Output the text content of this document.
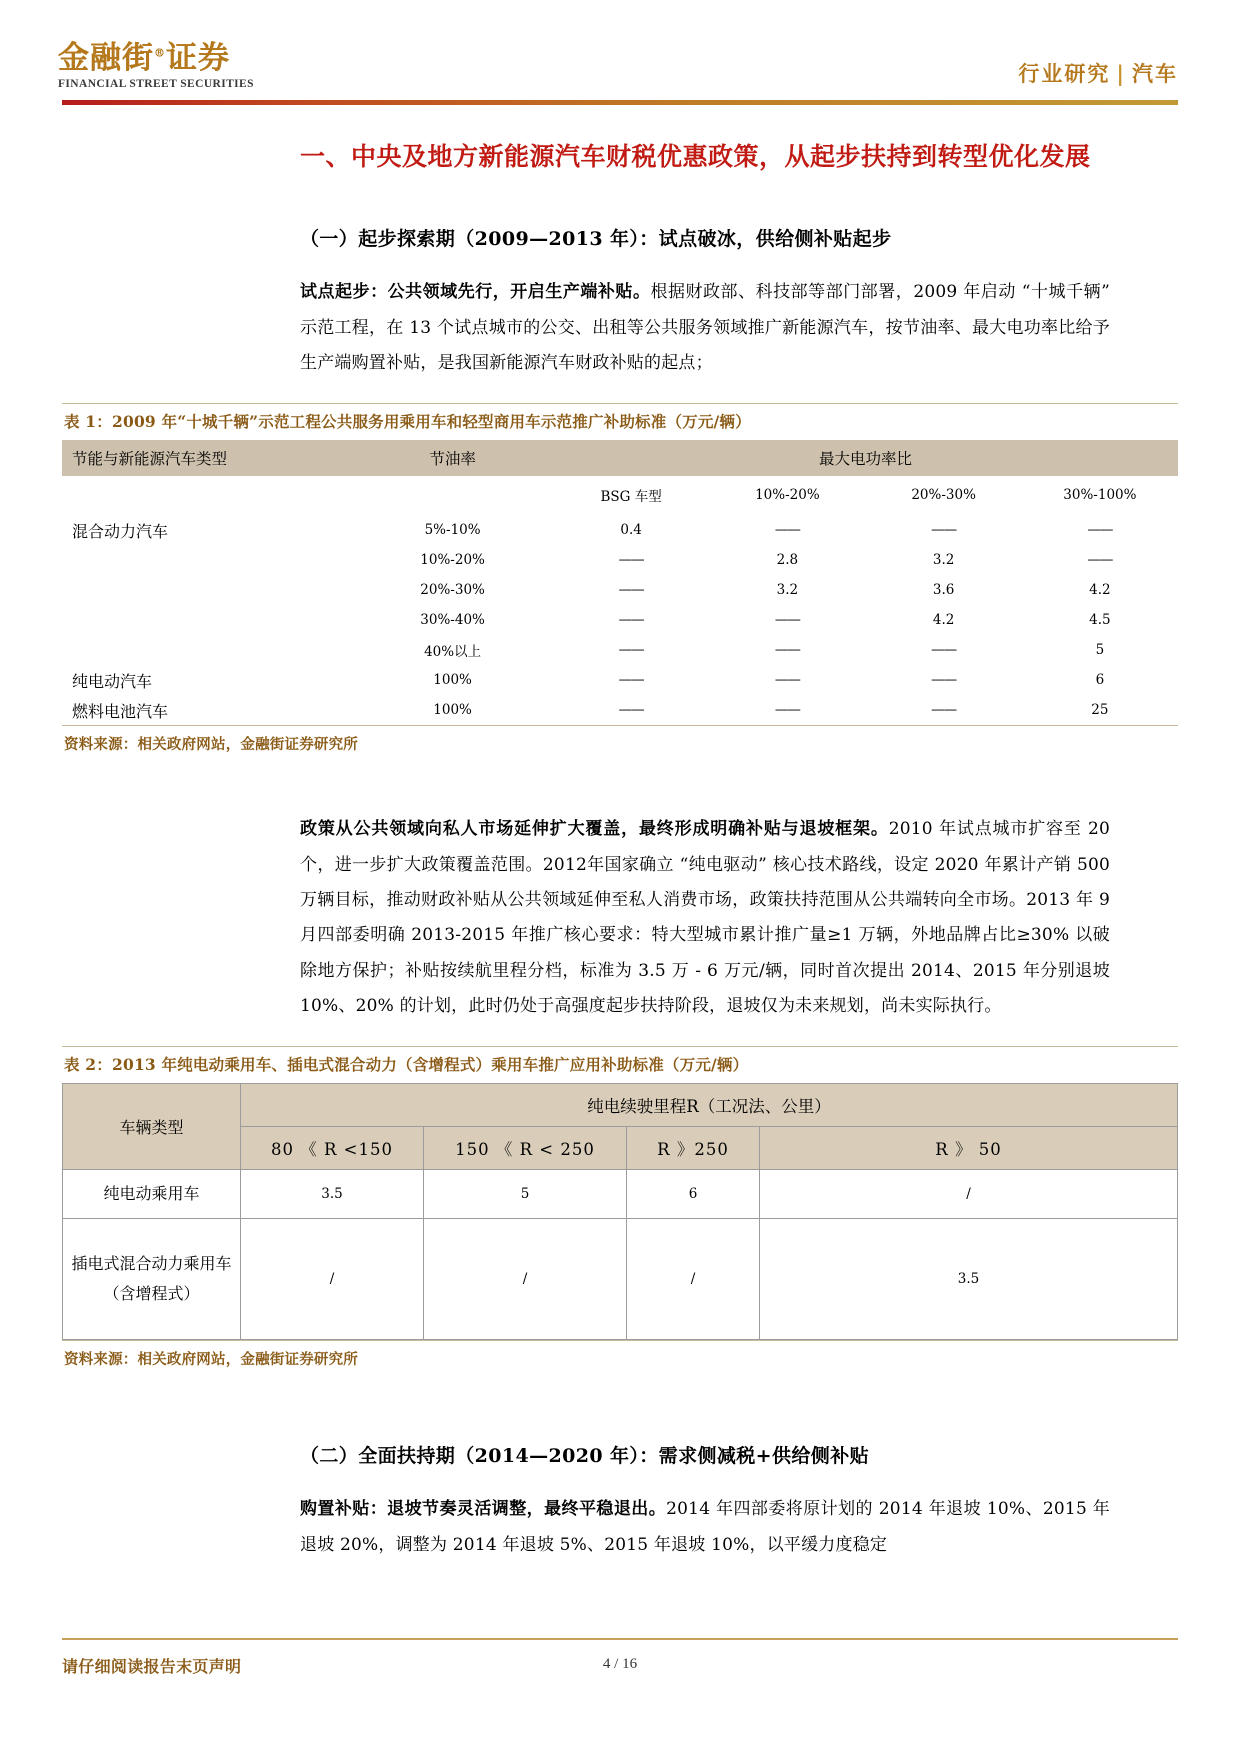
金融街®证券
FINANCIAL STREET SECURITIES	行业研究 | 汽车
一、中央及地方新能源汽车财税优惠政策，从起步扶持到转型优化发展
（一）起步探索期（2009—2013 年）：试点破冰，供给侧补贴起步

试点起步：公共领域先行，开启生产端补贴。根据财政部、科技部等部门部署，2009 年启动 “十城千辆” 示范工程，在 13 个试点城市的公交、出租等公共服务领域推广新能源汽车，按节油率、最大电功率比给予生产端购置补贴，是我国新能源汽车财政补贴的起点；

表 1：2009 年“十城千辆”示范工程公共服务用乘用车和轻型商用车示范推广补助标准（万元/辆）
节能与新能源汽车类型	节油率	最大电功率比			
		BSG 车型	10%-20%	20%-30%	30%-100%
混合动力汽车	5%-10%	0.4	——	——	——
	10%-20%	——	2.8	3.2	——
	20%-30%	——	3.2	3.6	4.2
	30%-40%	——	——	4.2	4.5
	40%以上	——	——	——	5
纯电动汽车	100%	——	——	——	6
燃料电池汽车	100%	——	——	——	25
资料来源：相关政府网站，金融街证券研究所

政策从公共领域向私人市场延伸扩大覆盖，最终形成明确补贴与退坡框架。2010 年试点城市扩容至 20 个，进一步扩大政策覆盖范围。2012年国家确立 “纯电驱动” 核心技术路线，设定 2020 年累计产销 500 万辆目标，推动财政补贴从公共领域延伸至私人消费市场，政策扶持范围从公共端转向全市场。2013 年 9 月四部委明确 2013-2015 年推广核心要求：特大型城市累计推广量≥1 万辆，外地品牌占比≥30% 以破除地方保护；补贴按续航里程分档，标准为 3.5 万 - 6 万元/辆，同时首次提出 2014、2015 年分别退坡 10%、20% 的计划，此时仍处于高强度起步扶持阶段，退坡仅为未来规划，尚未实际执行。

表 2：2013 年纯电动乘用车、插电式混合动力（含增程式）乘用车推广应用补助标准（万元/辆）
车辆类型	纯电续驶里程R（工况法、公里）			
	80 《 R <150	150 《 R < 250	R 》250	R 》 50
纯电动乘用车	3.5	5	6	/
插电式混合动力乘用车（含增程式）	/	/	/	3.5
资料来源：相关政府网站，金融街证券研究所
（二）全面扶持期（2014—2020 年）：需求侧减税+供给侧补贴

购置补贴：退坡节奏灵活调整，最终平稳退出。2014 年四部委将原计划的 2014 年退坡 10%、2015 年退坡 20%，调整为 2014 年退坡 5%、2015 年退坡 10%，以平缓力度稳定

请仔细阅读报告末页声明	4 / 16
